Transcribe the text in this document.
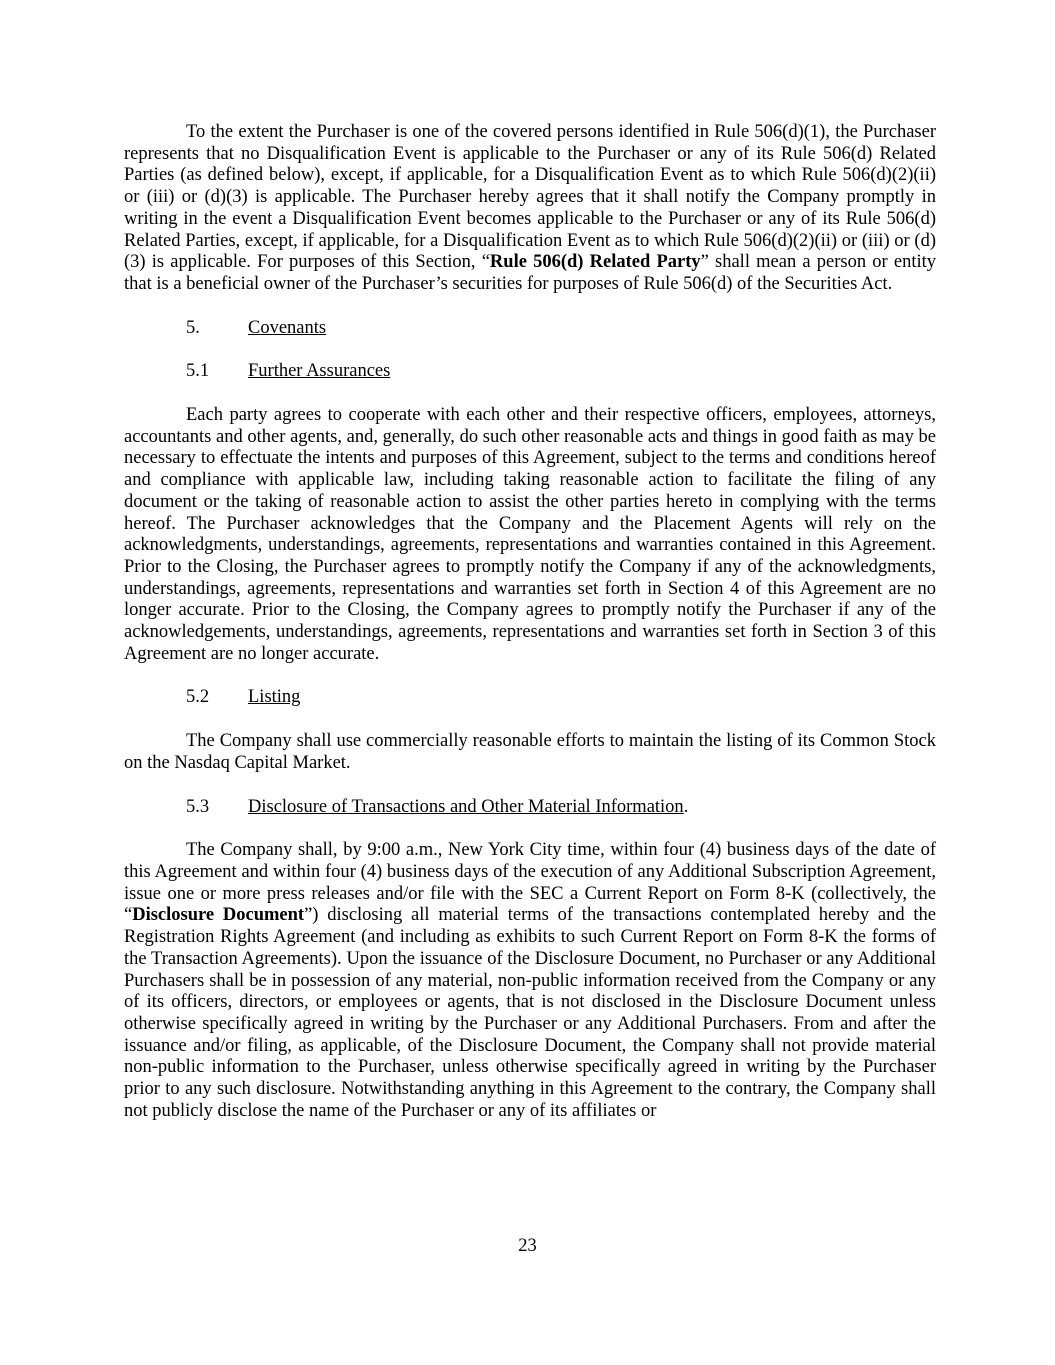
To the extent the Purchaser is one of the covered persons identified in Rule 506(d)(1), the Purchaser represents that no Disqualification Event is applicable to the Purchaser or any of its Rule 506(d) Related Parties (as defined below), except, if applicable, for a Disqualification Event as to which Rule 506(d)(2)(ii) or (iii) or (d)(3) is applicable. The Purchaser hereby agrees that it shall notify the Company promptly in writing in the event a Disqualification Event becomes applicable to the Purchaser or any of its Rule 506(d) Related Parties, except, if applicable, for a Disqualification Event as to which Rule 506(d)(2)(ii) or (iii) or (d)(3) is applicable. For purposes of this Section, “Rule 506(d) Related Party” shall mean a person or entity that is a beneficial owner of the Purchaser’s securities for purposes of Rule 506(d) of the Securities Act.

5.	Covenants
5.1	Further Assurances

Each party agrees to cooperate with each other and their respective officers, employees, attorneys, accountants and other agents, and, generally, do such other reasonable acts and things in good faith as may be necessary to effectuate the intents and purposes of this Agreement, subject to the terms and conditions hereof and compliance with applicable law, including taking reasonable action to facilitate the filing of any document or the taking of reasonable action to assist the other parties hereto in complying with the terms hereof. The Purchaser acknowledges that the Company and the Placement Agents will rely on the acknowledgments, understandings, agreements, representations and warranties contained in this Agreement. Prior to the Closing, the Purchaser agrees to promptly notify the Company if any of the acknowledgments, understandings, agreements, representations and warranties set forth in Section 4 of this Agreement are no longer accurate. Prior to the Closing, the Company agrees to promptly notify the Purchaser if any of the acknowledgements, understandings, agreements, representations and warranties set forth in Section 3 of this Agreement are no longer accurate.

5.2	Listing

The Company shall use commercially reasonable efforts to maintain the listing of its Common Stock on the Nasdaq Capital Market.

5.3	Disclosure of Transactions and Other Material Information.

The Company shall, by 9:00 a.m., New York City time, within four (4) business days of the date of this Agreement and within four (4) business days of the execution of any Additional Subscription Agreement, issue one or more press releases and/or file with the SEC a Current Report on Form 8-K (collectively, the “Disclosure Document”) disclosing all material terms of the transactions contemplated hereby and the Registration Rights Agreement (and including as exhibits to such Current Report on Form 8-K the forms of the Transaction Agreements). Upon the issuance of the Disclosure Document, no Purchaser or any Additional Purchasers shall be in possession of any material, non-public information received from the Company or any of its officers, directors, or employees or agents, that is not disclosed in the Disclosure Document unless otherwise specifically agreed in writing by the Purchaser or any Additional Purchasers. From and after the issuance and/or filing, as applicable, of the Disclosure Document, the Company shall not provide material non-public information to the Purchaser, unless otherwise specifically agreed in writing by the Purchaser prior to any such disclosure. Notwithstanding anything in this Agreement to the contrary, the Company shall not publicly disclose the name of the Purchaser or any of its affiliates or

23
